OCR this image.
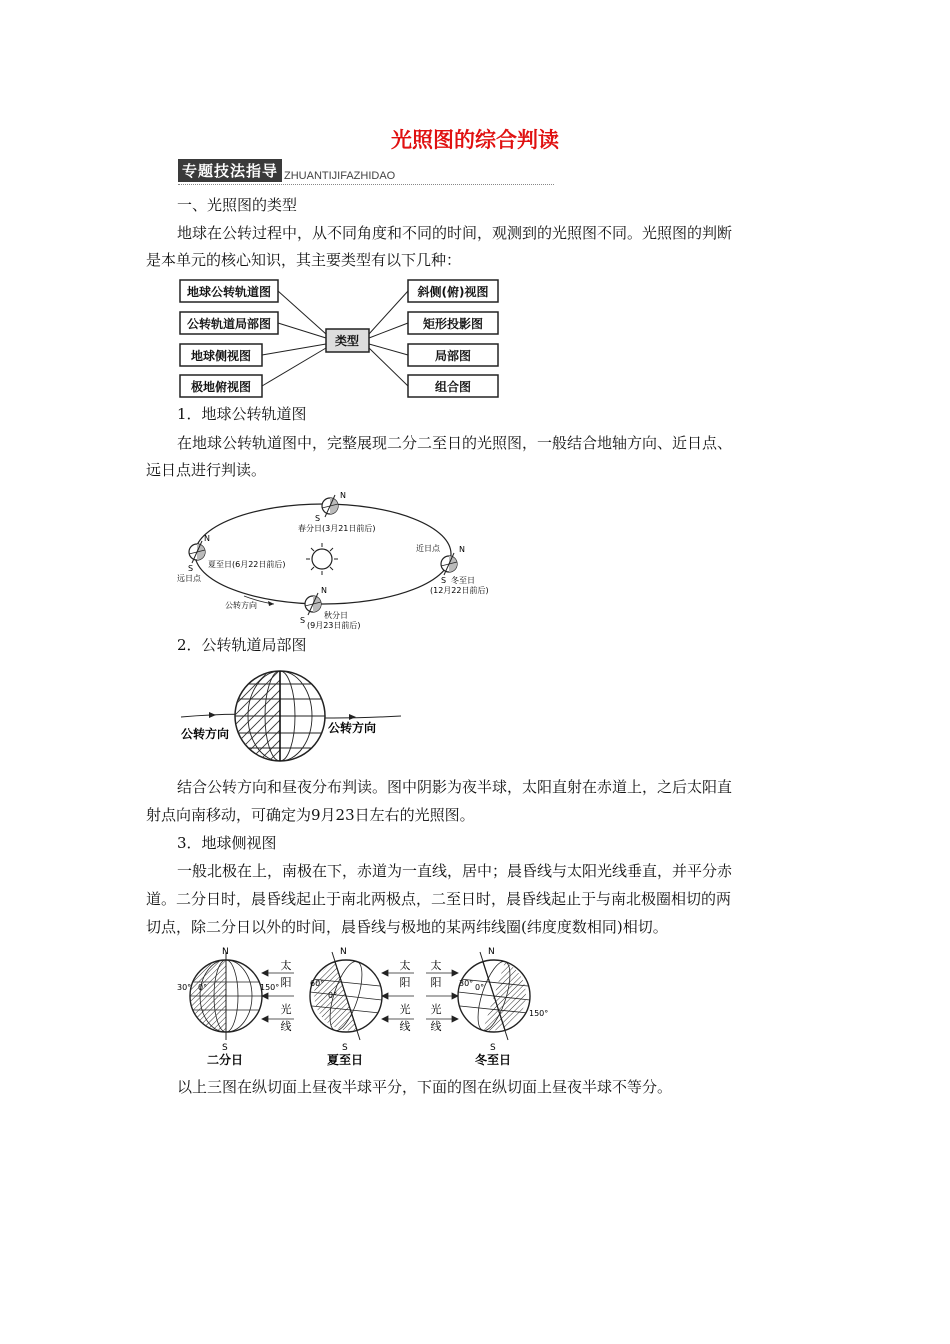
光照图的综合判读
专题技法指导 ZHUANTIJIFAZHIDAO
一、光照图的类型
地球在公转过程中，从不同角度和不同的时间，观测到的光照图不同。光照图的判断
是本单元的核心知识，其主要类型有以下几种：
地球公转轨道图
公转轨道局部图
地球侧视图
极地俯视图
类型
斜侧(俯)视图
矩形投影图
局部图
组合图
1．地球公转轨道图
在地球公转轨道图中，完整展现二分二至日的光照图，一般结合地轴方向、近日点、
远日点进行判读。
N
S
春分日(3月21日前后)
N
S 夏至日(6月22日前后)
远日点
N
S
近日点
冬至日
(12月22日前后)
N
S
秋分日
(9月23日前后)
公转方向
2．公转轨道局部图
公转方向	公转方向
结合公转方向和昼夜分布判读。图中阴影为夜半球，太阳直射在赤道上，之后太阳直
射点向南移动，可确定为9月23日左右的光照图。
3．地球侧视图
一般北极在上，南极在下，赤道为一直线，居中；晨昏线与太阳光线垂直，并平分赤
道。二分日时，晨昏线起止于南北两极点，二至日时，晨昏线起止于与南北极圈相切的两
切点，除二分日以外的时间，晨昏线与极地的某两纬线圈(纬度度数相同)相切。
N
S
30° 0°	150°
二分日
太
阳
光
线
N
S
60°
0°
夏至日
太
阳
光
线
太
阳
光
线
N
S
30° 0°
150°
冬至日
以上三图在纵切面上昼夜半球平分，下面的图在纵切面上昼夜半球不等分。
